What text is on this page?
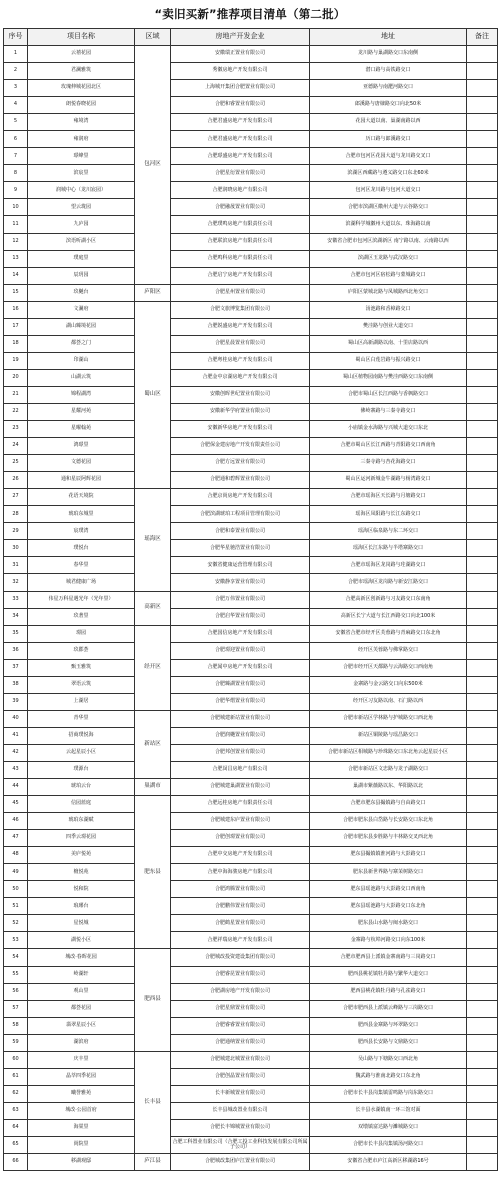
“卖旧买新”推荐项目清单（第二批）
序号	项目名称	区域	房地产开发企业	地址	备注
1	云禧花园	包河区	安徽瑞正置业有限公司	龙川路与巢湖路交口东南侧	
2	君澜雅筑		秀徽房地产开发有限公司	潜口路与高铁路交口	
3	玫瑰伸城花园北区		上海城开集团合肥置业有限公司	亚德路与南淝河路交口	
4	朗悦春晓花园		合肥和睿置业有限公司	郎溪路与唐棣路交口向北50米	
5	雍境湾		合肥君盛房地产开发有限公司	花园大道以南、巢湖南路以西	
6	雍润府		合肥君盛房地产开发有限公司	历口路与郎溪路交口	
7	璟峰里		合肥璟盛房地产开发有限公司	合肥市包河区花园大道与龙川路交叉口	
8	滨宸里		合肥星衍置业有限公司	滨湖区西藏路与遵义路交口东北60米	
9	润城中心（龙川宸园）		合肥润晓房地产有限公司	包河区龙川路与包河大道交口	
10	望云珑园		合肥融晟置业有限公司	合肥市滨湖区徽州大道与云谷路交口	
11	九庐园		合肥璞鸣房地产有限责任公司	滨湖科学城徽州大道以东、珠海路以南	
12	滨语听湖小区		合肥联滨房地产有限责任公司	安徽省合肥市包河区滨湖新区 南宁路以南、云南路以西	
13	璞庭里		合肥鸣科房地产有限责任公司	滨湖区玉龙路与武汉路交口	
14	辰玥园		合肥启宁房地产开发有限公司	合肥市包河区宿松路与蒙城路交口	
15	玖樾台	庐阳区	合肥星州置业有限公司	庐阳区蒙城北路与凤城路西北角交口	
16	文澜府	蜀山区	合肥文旅博览集团有限公司	汤池路和香樟路交口	
17	湖山臻境花园		合肥锐盛房地产开发有限公司	樊洼路与创业大道交口	
18	都荟之门		合肥星晨置业有限公司	蜀山区高新湖路以南、十里店路以西	
19	印湖山		合肥粤桂房地产开发有限公司	蜀山区白莲岩路与振兴路交口	
20	山湖云筑		合肥金中京湖房地产开发有限公司	蜀山区植物园南路与樊洼西路交口东南侧	
21	锦程湖湾		安徽创晖世纪置业有限公司	合肥市蜀山区长江西路与香枫路交口	
22	星耀河苑		安徽新华学府置业有限公司	佛岭寨路与三秦寺路交口	
23	星曜翰苑		安徽新华房地产开发有限公司	小庙镇金水海路与兴城大道交口东北	
24	鸿璟里		合肥保金建房地产开发有限责任公司	合肥市蜀山区长江西路与青阳路交口西南角	
25	文德花园		合肥方远置业有限公司	三秦寺路与杏花海路交口	
26	通和星辰阿辉花园		合肥通和碧辉置业有限公司	蜀山区运河新城金牛湖路与杨湾路交口	
27	花语天境院	瑶海区	合肥京尚房地产开发有限公司	合肥市瑶海区天长路与月塘路交口	
28	琥珀东城里		合肥滨湖琥珀工程项目管理有限公司	瑶海区凤阳路与长江东路交口	
29	宸璞湾		合肥和泰置业有限公司	瑶海区临泉路与东二环交口	
30	璞悦台		合肥华星驰浩置业有限公司	瑶海区长江东路与半塔寨路交口	
31	春华里		安徽省健康运营管理有限公司	合肥市瑶海区龙岗路与珪湖路交口	
32	城君健康广场		安徽静享置业有限公司	合肥市瑶海区龙岗路与新安江路交口	
33	伟星万科星遇光年（光年里）	高新区	合肥万伟置业有限公司	合肥高新区创新路与习友路交口东南角	
34	玖著里		合肥启华置业有限公司	高新区长宁大道与长江西路交口向北100米	
35	璟园	经开区	合肥国信房地产开发有限公司	安徽省合肥市经开区芙蓉路与青麻路交口东北角	
36	玖郡荟		合肥璟迎置业有限公司	经开区芙蓉路与佛掌路交口	
37	甄玉雅筑		合肥闻中房地产开发有限公司	合肥市经开区天都路与云海路交口西南角	
38	翠语云筑		合肥臻湖置业有限公司	金寨路与金云路交口向东500米	
39	上湖居		合肥华熠置业有限公司	经开区习友路以南、石门路以西	
40	青华里	新站区	合肥城建新站置业有限公司	合肥市新站区学林路与护城路交口西北角	
41	招商璞悦海		合肥润樾置业有限公司	新站区铜陵路与瑶昌路交口	
42	云起星辰小区		合肥邦创置业有限公司	合肥市新站区相城路与珍珠路交口东北角云起星辰小区	
43	璞源台		合肥闵昌房地产有限公司	合肥市新站区文忠路与龙子湖路交口	
44	琥珀云台	巢湖市	合肥城建巢湖置业有限公司	巢湖市紫薇路以东、华阳路以北	
45	信园蓝庭	肥东县	合肥远桂房地产有限责任公司	合肥市肥东县撮镇路与自由路交口	
46	琥珀东湖赋		合肥城建东庐置业有限公司	合肥市肥东县白岱路与长安路交口东北角	
47	四季云璟花园		合肥创璟置业有限公司	合肥市肥东县步胜路与丰林路交叉西北角	
48	美庐悦苑		合肥中交房地产开发有限公司	肥东县撮镇镇淮河路与大彭路交口	
49	檀悦苑		合肥中海海骏房地产有限公司	肥东县新世界路与寨茉树路交口	
50	悦和院		合肥鸿腾置业有限公司	肥东县瑶池路与大彭路交口西南角	
51	琅琊台		合肥鹏伟置业有限公司	肥东县瑶池路与大彭路交口东北角	
52	星悦城		合肥鹤星置业有限公司	肥东县山水路与闽水路交口	
53	湖悦小区		合肥祥瑞房地产开发有限公司	金寨路与杭埠河路交口向东100米	
54	城改·春晖花园	肥西县	合肥城改投资建设集团有限公司	合肥市肥西县上派镇金寨南路与三岗路交口	
55	岭湖轩		合肥睿昆置业有限公司	肥西县桃花镇牡丹路与繁华大道交口	
56	观山里		合肥湖房地产开发有限公司	肥西县桃花镇牡丹路与孔雀路交口	
57	都荟花园		合肥星鼎置业有限公司	合肥市肥西县上派镇云峰路与三岗路交口	
58	翡翠星辰小区		合肥睿睿置业有限公司	肥西县金寨路与环翠路交口	
59	湖滨府		合肥通纳置业有限公司	肥西县长安路与文鼎路交口	
60	庆丰里	长丰县	合肥城建北城置业有限公司	吴山路与下塘路交口西北角	
61	晶萃四季花园		合肥创晶置业有限公司	魏武路与淮南北路交口东北角	
62	曦誉雅苑		长丰新城置业有限公司	合肥市长丰县岗集镇雷鸣路与岗东路交口	
63	城改·公园首府		长丰县城改置业有限公司	长丰县水湖镇南一环三馆对面	
64	海棠里		合肥长丰锦城置业有限公司	双墩镇富达路与濉城路交口	
65	尚院里		合肥工科置业有限公司（合肥工投工业科技发展有限公司所属子公司）	合肥市长丰县岗集镇汤河路交口	
66	移湖观邸	庐江县	合肥城改集团庐江置业有限公司	安徽省合肥市庐江高新区移湖路16号	
